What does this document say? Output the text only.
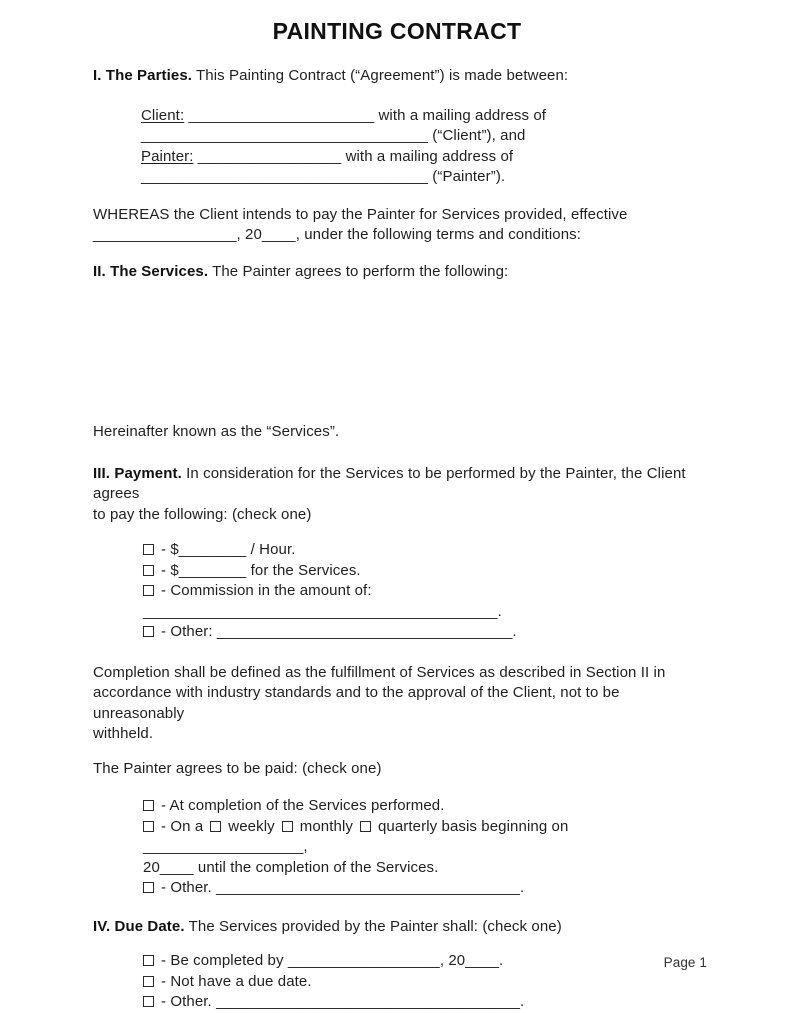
PAINTING CONTRACT

I. The Parties. This Painting Contract (“Agreement”) is made between:

Client: ______________________ with a mailing address of
__________________________________ (“Client”), and
Painter: _________________ with a mailing address of
__________________________________ (“Painter”).
WHEREAS the Client intends to pay the Painter for Services provided, effective
_________________, 20____, under the following terms and conditions:

II. The Services. The Painter agrees to perform the following:

Hereinafter known as the “Services”.

III. Payment. In consideration for the Services to be performed by the Painter, the Client agrees
to pay the following: (check one)
- $________ / Hour.
- $________ for the Services.
- Commission in the amount of: __________________________________________.
- Other: ___________________________________.
Completion shall be defined as the fulfillment of Services as described in Section II in
accordance with industry standards and to the approval of the Client, not to be unreasonably
withheld.

The Painter agrees to be paid: (check one)

- At completion of the Services performed.
- On a weekly monthly quarterly basis beginning on ___________________,
20____ until the completion of the Services.
- Other. ____________________________________.

IV. Due Date. The Services provided by the Painter shall: (check one)

- Be completed by __________________, 20____.
- Not have a due date.
- Other. ____________________________________.
Page 1
